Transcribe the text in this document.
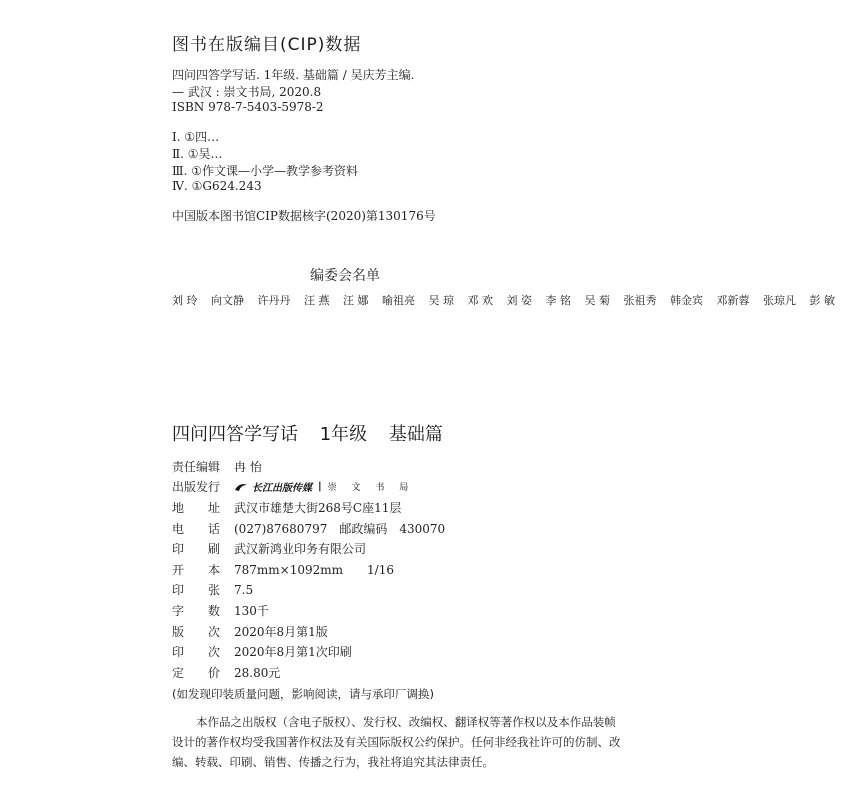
图书在版编目(CIP)数据
四问四答学写话. 1年级. 基础篇 / 吴庆芳主编.
— 武汉 : 崇文书局, 2020.8
ISBN 978-7-5403-5978-2
Ⅰ. ①四…
Ⅱ. ①吴…
Ⅲ. ①作文课—小学—教学参考资料
Ⅳ. ①G624.243
中国版本图书馆CIP数据核字(2020)第130176号
编委会名单
刘 玲 向文静 许丹丹 汪 燕 汪 娜 喻祖亮 吴 琼 邓 欢 刘 姿 李 铭 吴 菊 张祖秀 韩金宾 邓新蓉 张琼凡 彭 敏
四问四答学写话 1年级 基础篇
责任编辑	冉 怡
出版发行	长江出版传媒 | 崇 文 书 局
地　　址	武汉市雄楚大街268号C座11层
电　　话	(027)87680797　邮政编码　430070
印　　刷	武汉新鸿业印务有限公司
开　　本	787mm×1092mm　　1/16
印　　张	7.5
字　　数	130千
版　　次	2020年8月第1版
印　　次	2020年8月第1次印刷
定　　价	28.80元
(如发现印装质量问题，影响阅读，请与承印厂调换)
本作品之出版权（含电子版权）、发行权、改编权、翻译权等著作权以及本作品装帧设计的著作权均受我国著作权法及有关国际版权公约保护。任何非经我社许可的仿制、改编、转载、印刷、销售、传播之行为，我社将追究其法律责任。
